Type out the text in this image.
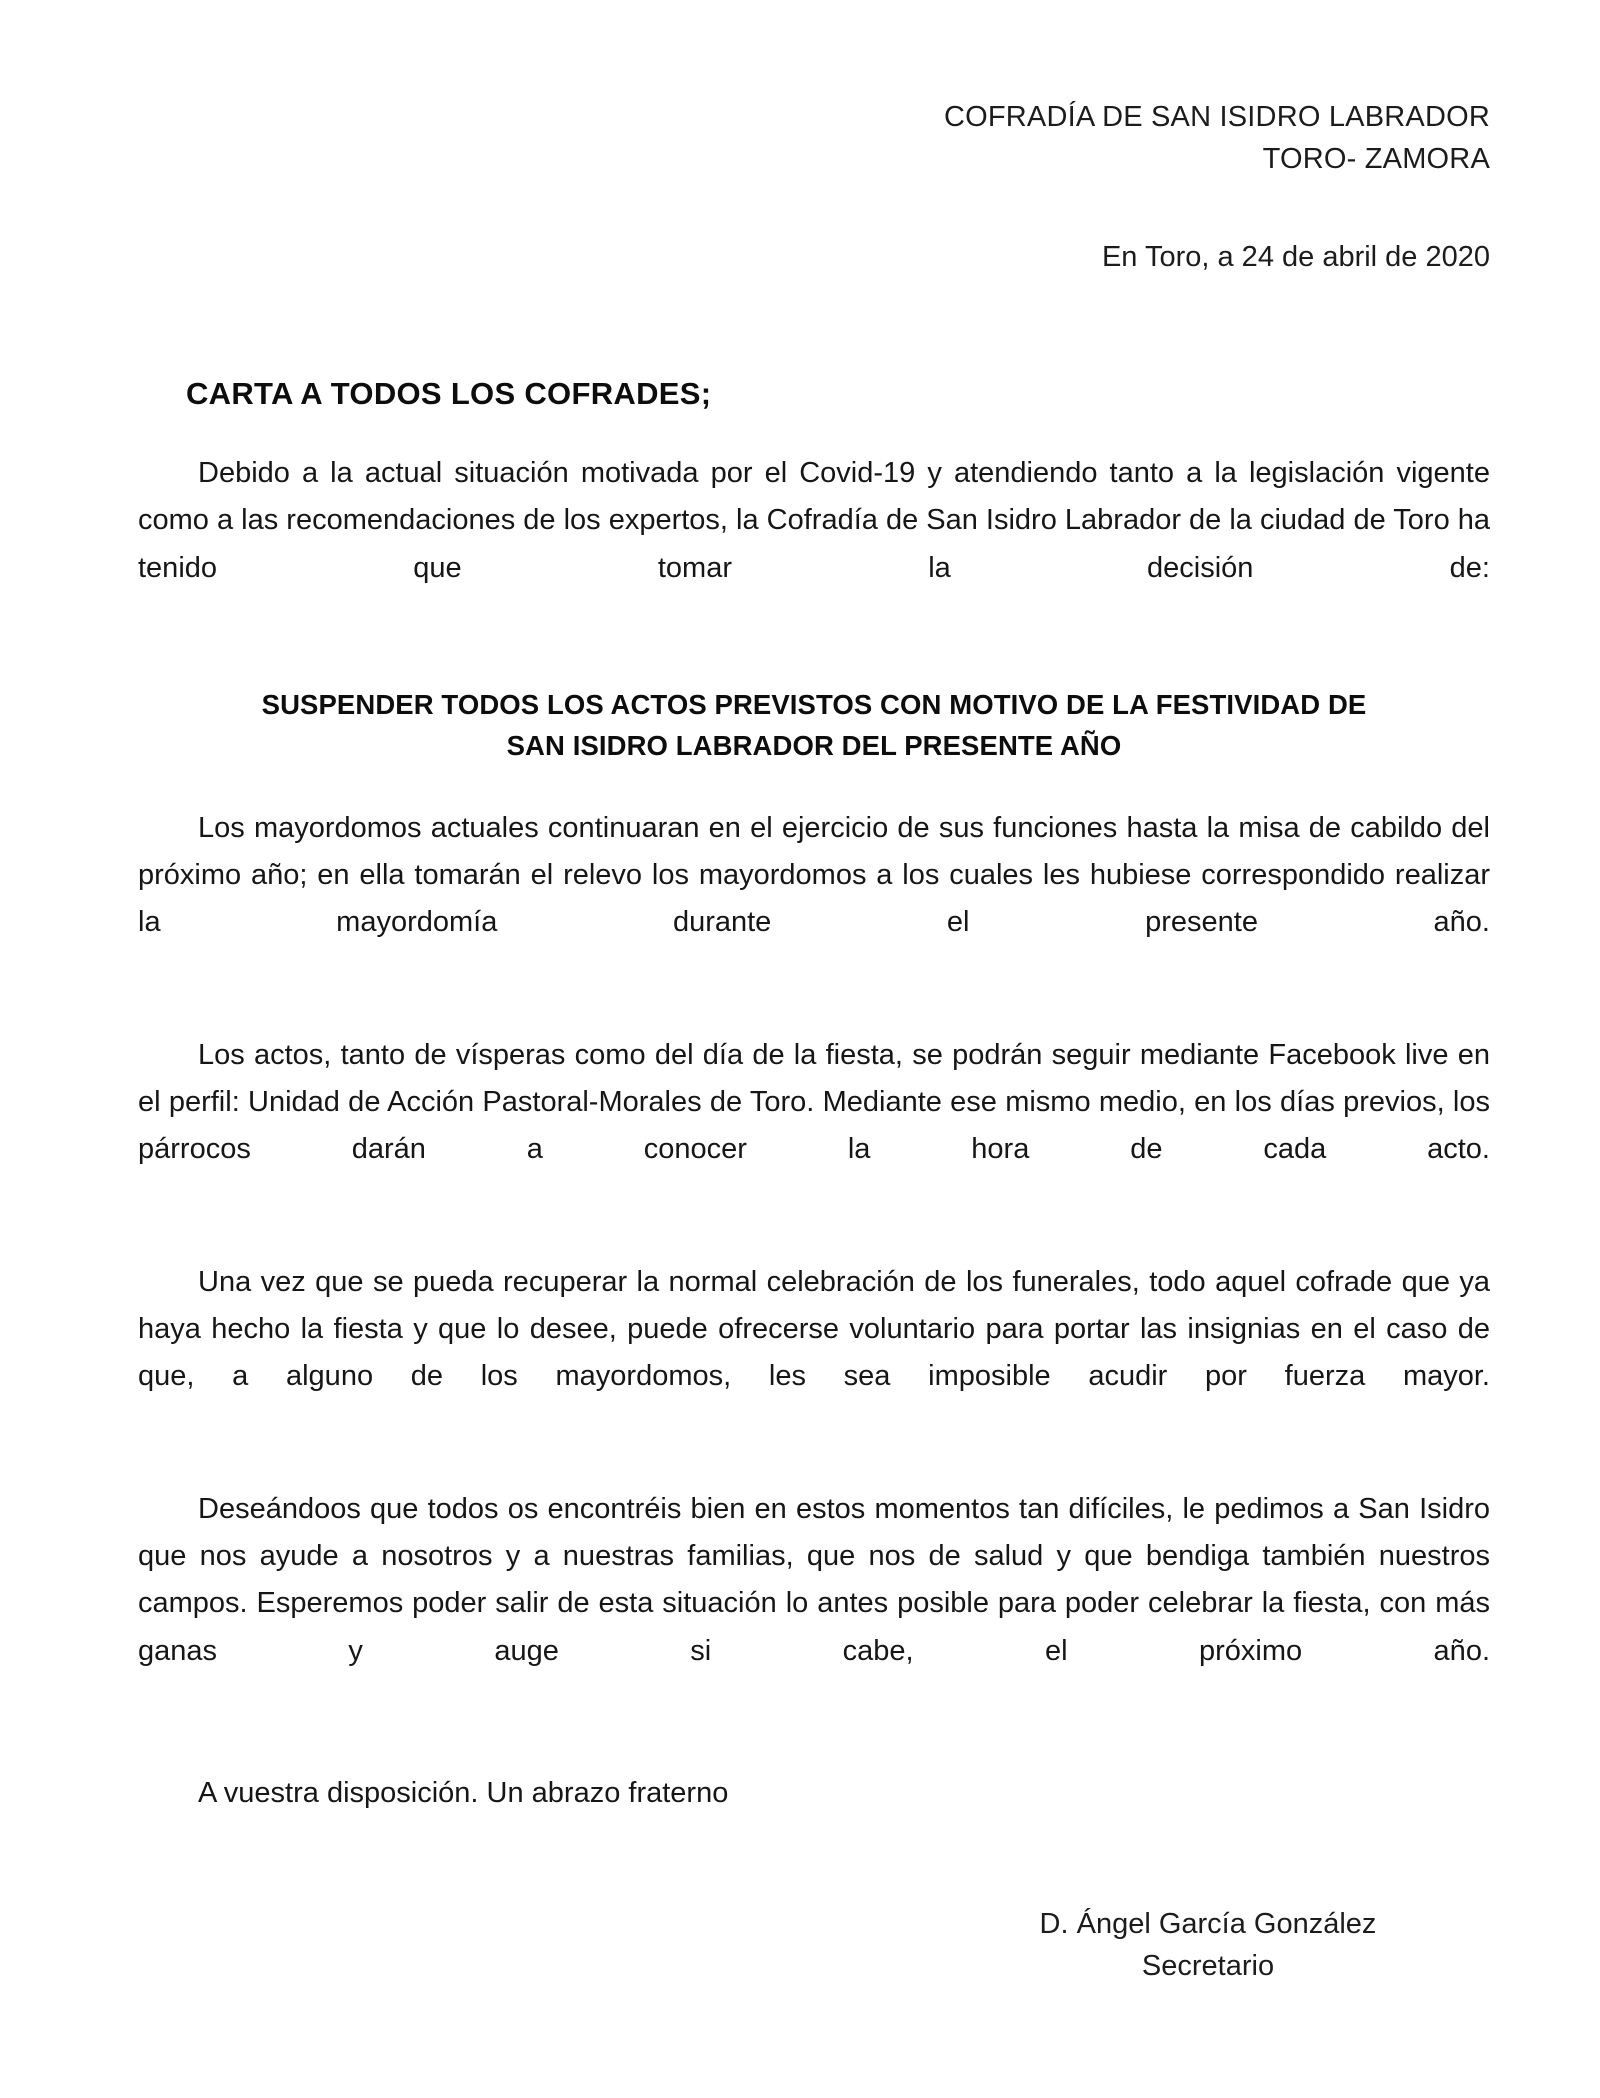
COFRADÍA DE SAN ISIDRO LABRADOR
TORO- ZAMORA
En Toro, a 24 de abril de 2020
CARTA A TODOS LOS COFRADES;

Debido a la actual situación motivada por el Covid-19 y atendiendo tanto a la legislación vigente como a las recomendaciones de los expertos, la Cofradía de San Isidro Labrador de la ciudad de Toro ha tenido que tomar la decisión de:

SUSPENDER TODOS LOS ACTOS PREVISTOS CON MOTIVO DE LA FESTIVIDAD DE
SAN ISIDRO LABRADOR DEL PRESENTE AÑO

Los mayordomos actuales continuaran en el ejercicio de sus funciones hasta la misa de cabildo del próximo año; en ella tomarán el relevo los mayordomos a los cuales les hubiese correspondido realizar la mayordomía durante el presente año.

Los actos, tanto de vísperas como del día de la fiesta, se podrán seguir mediante Facebook live en el perfil: Unidad de Acción Pastoral-Morales de Toro. Mediante ese mismo medio, en los días previos, los párrocos darán a conocer la hora de cada acto.

Una vez que se pueda recuperar la normal celebración de los funerales, todo aquel cofrade que ya haya hecho la fiesta y que lo desee, puede ofrecerse voluntario para portar las insignias en el caso de que, a alguno de los mayordomos, les sea imposible acudir por fuerza mayor.

Deseándoos que todos os encontréis bien en estos momentos tan difíciles, le pedimos a San Isidro que nos ayude a nosotros y a nuestras familias, que nos de salud y que bendiga también nuestros campos. Esperemos poder salir de esta situación lo antes posible para poder celebrar la fiesta, con más ganas y auge si cabe, el próximo año.

A vuestra disposición. Un abrazo fraterno

D. Ángel García González
Secretario
